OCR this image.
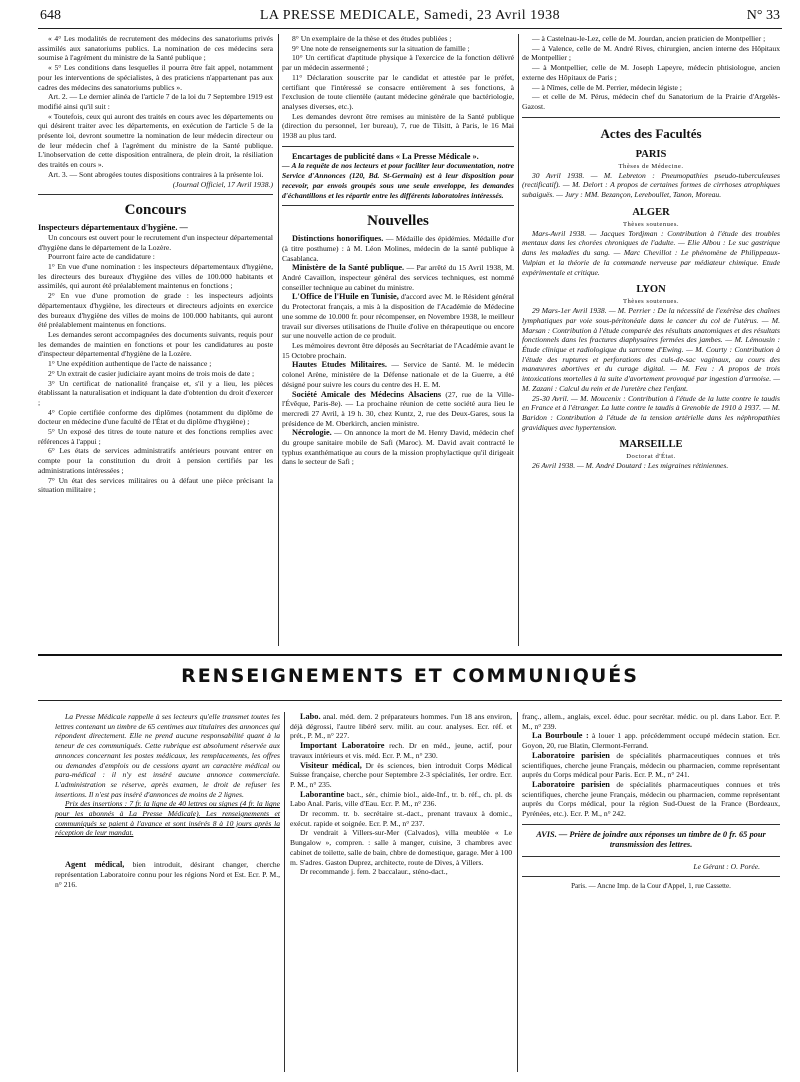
648	LA PRESSE MEDICALE, Samedi, 23 Avril 1938	N° 33

« 4° Les modalités de recrutement des médecins des sanatoriums privés assimilés aux sanatoriums publics. La nomination de ces médecins sera soumise à l'agrément du ministre de la Santé publique ;

« 5° Les conditions dans lesquelles il pourra être fait appel, notamment pour les interventions de spécialistes, à des praticiens n'appartenant pas aux cadres des médecins des sanatoriums publics ».

Art. 2. — Le dernier alinéa de l'article 7 de la loi du 7 Septembre 1919 est modifié ainsi qu'il suit :

« Toutefois, ceux qui auront des traités en cours avec les départements ou qui désirent traiter avec les départements, en exécution de l'article 5 de la présente loi, devront soumettre la nomination de leur médecin directeur ou de leur médecin chef à l'agrément du ministre de la Santé publique. L'inobservation de cette disposition entraînera, de plein droit, la résiliation des traités en cours ».

Art. 3. — Sont abrogées toutes dispositions contraires à la présente loi.

(Journal Officiel, 17 Avril 1938.)

Concours

Inspecteurs départementaux d'hygiène. —

Un concours est ouvert pour le recrutement d'un inspecteur départemental d'hygiène dans le département de la Lozère.

Pourront faire acte de candidature :

1° En vue d'une nomination : les inspecteurs départementaux d'hygiène, les directeurs des bureaux d'hygiène des villes de 100.000 habitants et assimilés, qui auront été préalablement maintenus en fonctions ;

2° En vue d'une promotion de grade : les inspecteurs adjoints départementaux d'hygiène, les directeurs et directeurs adjoints en exercice des bureaux d'hygiène des villes de moins de 100.000 habitants, qui auront été préalablement maintenus en fonctions.

Les demandes seront accompagnées des documents suivants, requis pour les demandes de maintien en fonctions et pour les candidatures au poste d'inspecteur départemental d'hygiène de la Lozère.

1° Une expédition authentique de l'acte de naissance ;

2° Un extrait de casier judiciaire ayant moins de trois mois de date ;

3° Un certificat de nationalité française et, s'il y a lieu, les pièces établissant la naturalisation et indiquant la date d'obtention du droit d'exercer ;

4° Copie certifiée conforme des diplômes (notamment du diplôme de docteur en médecine d'une faculté de l'État et du diplôme d'hygiène) ;

5° Un exposé des titres de toute nature et des fonctions remplies avec références à l'appui ;

6° Les états de services administratifs antérieurs pouvant entrer en compte pour la constitution du droit à pension certifiés par les administrations intéressées ;

7° Un état des services militaires ou à défaut une pièce précisant la situation militaire ;

8° Un exemplaire de la thèse et des études publiées ;

9° Une note de renseignements sur la situation de famille ;

10° Un certificat d'aptitude physique à l'exercice de la fonction délivré par un médecin assermenté ;

11° Déclaration souscrite par le candidat et attestée par le préfet, certifiant que l'intéressé se consacre entièrement à ses fonctions, à l'exclusion de toute clientèle (autant médecine générale que bactériologie, analyses diverses, etc.).

Les demandes devront être remises au ministère de la Santé publique (direction du personnel, 1er bureau), 7, rue de Tilsitt, à Paris, le 16 Mai 1938 au plus tard.

Encartages de publicité dans « La Presse Médicale ».

— A la requête de nos lecteurs et pour faciliter leur documentation, notre Service d'Annonces (120, Bd. St-Germain) est à leur disposition pour recevoir, par envois groupés sous une seule enveloppe, les demandes d'échantillons et les répartir entre les différents laboratoires intéressés.

Nouvelles

Distinctions honorifiques. — Médaille des épidémies. Médaille d'or (à titre posthume) : à M. Léon Molines, médecin de la santé publique à Casablanca.

Ministère de la Santé publique. — Par arrêté du 15 Avril 1938, M. André Cavaillon, inspecteur général des services techniques, est nommé conseiller technique au cabinet du ministre.

L'Office de l'Huile en Tunisie, d'accord avec M. le Résident général du Protectorat français, a mis à la disposition de l'Académie de Médecine une somme de 10.000 fr. pour récompenser, en Novembre 1938, le meilleur travail sur diverses utilisations de l'huile d'olive en thérapeutique ou encore sur une nouvelle action de ce produit.

Les mémoires devront être déposés au Secrétariat de l'Académie avant le 15 Octobre prochain.

Hautes Etudes Militaires. — Service de Santé. M. le médecin colonel Arène, ministère de la Défense nationale et de la Guerre, a été désigné pour suivre les cours du centre des H. E. M.

Société Amicale des Médecins Alsaciens (27, rue de la Ville-l'Évêque, Paris-8e). — La prochaine réunion de cette société aura lieu le mercredi 27 Avril, à 19 h. 30, chez Kuntz, 2, rue des Deux-Gares, sous la présidence de M. Oberkirch, ancien ministre.

Nécrologie. — On annonce la mort de M. Henry David, médecin chef du groupe sanitaire mobile de Safi (Maroc). M. David avait contracté le typhus exanthématique au cours de la mission prophylactique qu'il dirigeait dans le secteur de Safi ;

— à Castelnau-le-Lez, celle de M. Jourdan, ancien praticien de Montpellier ;

— à Valence, celle de M. André Rives, chirurgien, ancien interne des Hôpitaux de Montpellier ;

— à Montpellier, celle de M. Joseph Lapeyre, médecin phtisiologue, ancien externe des Hôpitaux de Paris ;

— à Nîmes, celle de M. Perrier, médecin légiste ;

— et celle de M. Pérus, médecin chef du Sanatorium de la Prairie d'Argelès-Gazost.

Actes des Facultés
PARIS
Thèses de Médecine.

30 Avril 1938. — M. Lebreton : Pneumopathies pseudo-tuberculeuses (rectificatif). — M. Delort : A propos de certaines formes de cirrhoses atrophiques subaiguës. — Jury : MM. Bezançon, Lereboullet, Tanon, Moreau.

ALGER
Thèses soutenues.

Mars-Avril 1938. — Jacques Tordjman : Contribution à l'étude des troubles mentaux dans les chorées chroniques de l'adulte. — Elie Albou : Le suc gastrique dans les maladies du sang. — Marc Chevillot : Le phénomène de Philippeaux-Vulpian et la théorie de la commande nerveuse par médiateur chimique. Etude expérimentale et critique.

LYON
Thèses soutenues.

29 Mars-1er Avril 1938. — M. Perrier : De la nécessité de l'exérèse des chaînes lymphatiques par voie sous-péritonéale dans le cancer du col de l'utérus. — M. Marsan : Contribution à l'étude comparée des résultats anatomiques et des résultats fonctionnels dans les fractures diaphysaires fermées des jambes. — M. Lémousin : Étude clinique et radiologique du sarcome d'Ewing. — M. Courty : Contribution à l'étude des ruptures et perforations des culs-de-sac vaginaux, au cours des manœuvres abortives et du curage digital. — M. Feu : A propos de trois intoxications mortelles à la suite d'avortement provoqué par ingestion d'armoise. — M. Zazani : Calcul du rein et de l'uretère chez l'enfant.

25-30 Avril. — M. Moucenix : Contribution à l'étude de la lutte contre le taudis en France et à l'étranger. La lutte contre le taudis à Grenoble de 1910 à 1937. — M. Baridon : Contribution à l'étude de la tension artérielle dans les néphropathies gravidiques avec hypertension.

MARSEILLE
Doctorat d'État.

26 Avril 1938. — M. André Doutard : Les migraines rétiniennes.

RENSEIGNEMENTS ET COMMUNIQUÉS

La Presse Médicale rappelle à ses lecteurs qu'elle transmet toutes les lettres contenant un timbre de 65 centimes aux titulaires des annonces qui répondent directement. Elle ne prend aucune responsabilité quant à la teneur de ces communiqués. Cette rubrique est absolument réservée aux annonces concernant les postes médicaux, les remplacements, les offres ou demandes d'emplois ou de cessions ayant un caractère médical ou para-médical : il n'y est inséré aucune annonce commerciale. L'administration se réserve, après examen, le droit de refuser les insertions. Il n'est pas inséré d'annonces de moins de 2 lignes.

Prix des insertions : 7 fr. la ligne de 40 lettres ou signes (4 fr. la ligne pour les abonnés à La Presse Médicale). Les renseignements et communiqués se paient à l'avance et sont insérés 8 à 10 jours après la réception de leur mandat.

Agent médical, bien introduit, désirant changer, cherche représentation Laboratoire connu pour les régions Nord et Est. Ecr. P. M., n° 216.

Labo. anal. méd. dem. 2 préparateurs hommes. l'un 18 ans environ, déjà dégrossi, l'autre libéré serv. milit. au cour. analyses. Ecr. réf. et prét., P. M., n° 227.

Important Laboratoire rech. Dr en méd., jeune, actif, pour travaux intérieurs et vis. méd. Ecr. P. M., n° 230.

Visiteur médical, Dr ès sciences, bien introduit Corps Médical Suisse française, cherche pour Septembre 2-3 spécialités, 1er ordre. Ecr. P. M., n° 235.

Laborantine bact., sér., chimie biol., aide-Inf., tr. b. réf., ch. pl. ds Labo Anal. Paris, ville d'Eau. Ecr. P. M., n° 236.

Dr recomm. tr. b. secrétaire st.-dact., prenant travaux à domic., exécut. rapide et soignée. Ecr. P. M., n° 237.

Dr vendrait à Villers-sur-Mer (Calvados), villa meublée « Le Bungalow », compren. : salle à manger, cuisine, 3 chambres avec cabinet de toilette, salle de bain, chbre de domestique, garage. Mer à 100 m. S'adres. Gaston Duprez, architecte, route de Dives, à Villers.

Dr recommande j. fem. 2 baccalaur., sténo-dact.,

franç., allem., anglais, excel. éduc. pour secrétar. médic. ou pl. dans Labor. Ecr. P. M., n° 239.

La Bourboule : à louer 1 app. précédemment occupé médecin station. Ecr. Goyon, 20, rue Blatin, Clermont-Ferrand.

Laboratoire parisien de spécialités pharmaceutiques connues et très scientifiques, cherche jeune Français, médecin ou pharmacien, comme représentant auprès du Corps médical pour Paris. Ecr. P. M., n° 241.

Laboratoire parisien de spécialités pharmaceutiques connues et très scientifiques, cherche jeune Français, médecin ou pharmacien, comme représentant auprès du Corps médical, pour la région Sud-Ouest de la France (Bordeaux, Pyrénées, etc.). Ecr. P. M., n° 242.

AVIS. — Prière de joindre aux réponses un timbre de 0 fr. 65 pour transmission des lettres.
Le Gérant : O. Porée.
Paris. — Ancne Imp. de la Cour d'Appel, 1, rue Cassette.
